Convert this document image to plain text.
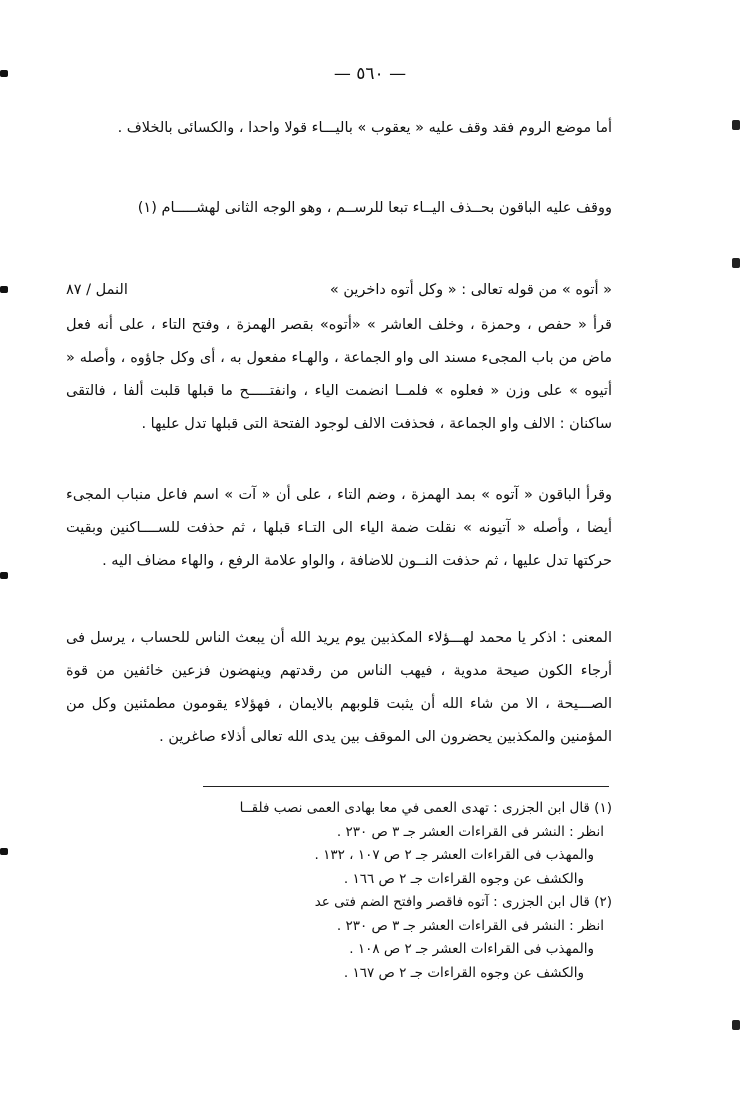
— ٥٦٠ —

أما موضع الروم فقد وقف عليه « يعقوب » باليـــاء قولا واحدا ، والكسائى بالخلاف .

ووقف عليه الباقون بحــذف اليــاء تبعا للرســم ، وهو الوجه الثانى لهشـــــام (١)

« أتوه » من قوله تعالى : « وكل أتوه داخرين »
النمل / ٨٧

قرأ « حفص ، وحمزة ، وخلف العاشر » «أتوه» بقصر الهمزة ، وفتح التاء ، على أنه فعل ماض من باب المجىء مسند الى واو الجماعة ، والهـاء مفعول به ، أى وكل جاؤوه ، وأصله « أتيوه » على وزن « فعلوه » فلمــا انضمت الياء ، وانفتـــــح ما قبلها قلبت ألفا ، فالتقى ساكنان : الالف واو الجماعة ، فحذفت الالف لوجود الفتحة التى قبلها تدل عليها .

وقرأ الباقون « آتوه » بمد الهمزة ، وضم التاء ، على أن « آت » اسم فاعل منباب المجىء أيضا ، وأصله « آتيونه » نقلت ضمة الياء الى التـاء قبلها ، ثم حذفت للســــاكنين وبقيت حركتها تدل عليها ، ثم حذفت النــون للاضافة ، والواو علامة الرفع ، والهاء مضاف اليه .

المعنى : اذكر يا محمد لهـــؤلاء المكذبين يوم يريد الله أن يبعث الناس للحساب ، يرسل فى أرجاء الكون صيحة مدوية ، فيهب الناس من رقدتهم وينهضون فزعين خائفين من قوة الصـــيحة ، الا من شاء الله أن يثبت قلوبهم بالايمان ، فهؤلاء يقومون مطمئنين وكل من المؤمنين والمكذبين يحضرون الى الموقف بين يدى الله تعالى أذلاء صاغرين .

(١) قال ابن الجزرى : تهدى العمى في معا بهادى العمى نصب فلقــا
انظر : النشر فى القراءات العشر جـ ٣ ص ٢٣٠ .
والمهذب فى القراءات العشر جـ ٢ ص ١٠٧ ، ١٣٢ .
والكشف عن وجوه القراءات جـ ٢ ص ١٦٦ .
(٢) قال ابن الجزرى : آتوه فاقصر وافتح الضم فتى عد
انظر : النشر فى القراءات العشر جـ ٣ ص ٢٣٠ .
والمهذب فى القراءات العشر جـ ٢ ص ١٠٨ .
والكشف عن وجوه القراءات جـ ٢ ص ١٦٧ .
